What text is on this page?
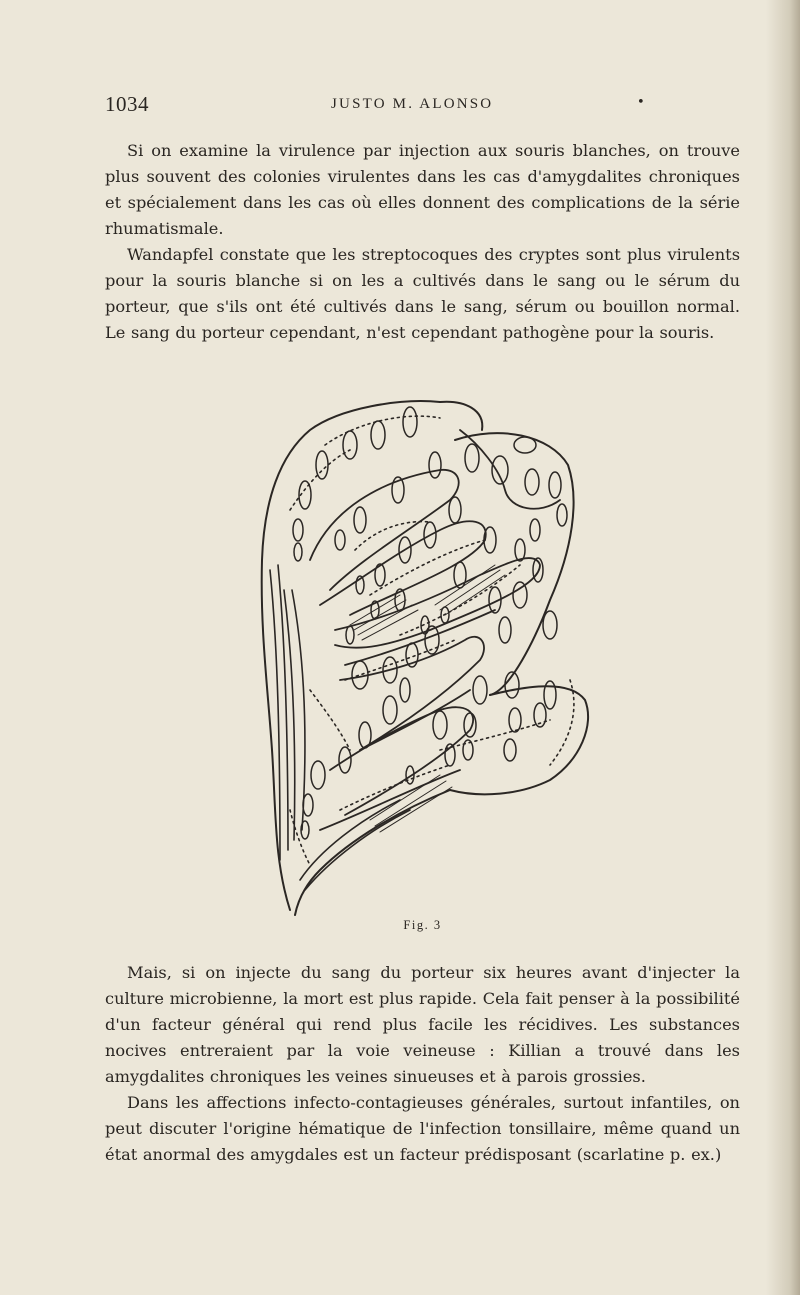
1034	JUSTO M. ALONSO	•

Si on examine la virulence par injection aux souris blanches, on trouve plus souvent des colonies virulentes dans les cas d'amygdalites chroniques et spécialement dans les cas où elles donnent des complications de la série rhumatismale.

Wandapfel constate que les streptocoques des cryptes sont plus virulents pour la souris blanche si on les a cultivés dans le sang ou le sérum du porteur, que s'ils ont été cultivés dans le sang, sérum ou bouillon normal. Le sang du porteur cependant, n'est cependant pathogène pour la souris.

Fig. 3

Mais, si on injecte du sang du porteur six heures avant d'injecter la culture microbienne, la mort est plus rapide. Cela fait penser à la possibilité d'un facteur général qui rend plus facile les récidives. Les substances nocives entreraient par la voie veineuse : Killian a trouvé dans les amygdalites chroniques les veines sinueuses et à parois grossies.

Dans les affections infecto-contagieuses générales, surtout infantiles, on peut discuter l'origine hématique de l'infection tonsillaire, même quand un état anormal des amygdales est un facteur prédisposant (scarlatine p. ex.)
